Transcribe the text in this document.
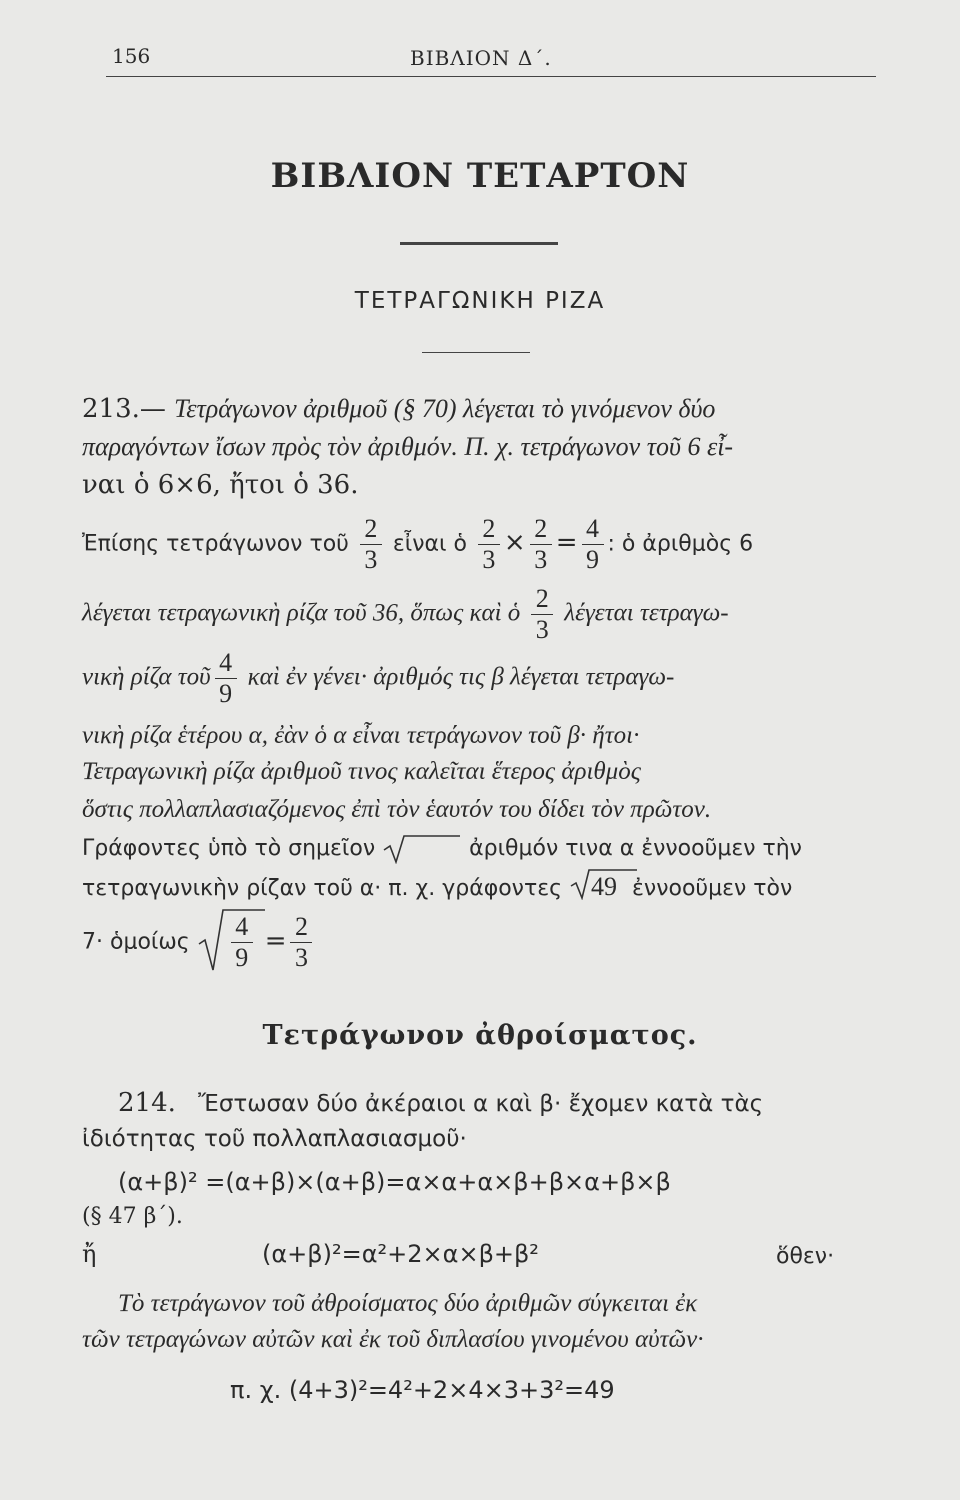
156	ΒΙΒΛΙΟΝ Δ΄.
ΒΙΒΛΙΟΝ ΤΕΤΑΡΤΟΝ
ΤΕΤΡΑΓΩΝΙΚΗ ΡΙΖΑ
213.— Τετράγωνον ἀριθμοῦ (§ 70) λέγεται τὸ γινόμενον δύο
παραγόντων ἴσων πρὸς τὸν ἀριθμόν. Π. χ. τετράγωνον τοῦ 6 εἶ-
ναι ὁ 6×6, ἤτοι ὁ 36.
Ἐπίσης τετράγωνον τοῦ $\frac{2}{3}$ εἶναι ὁ $\frac{2}{3} \times \frac{2}{3} = \frac{4}{9}$ : ὁ ἀριθμὸς 6
λέγεται τετραγωνικὴ ρίζα τοῦ 36, ὅπως καὶ ὁ $\frac{2}{3}$ λέγεται τετραγω-
νικὴ ρίζα τοῦ $\frac{4}{9}$ καὶ ἐν γένει· ἀριθμός τις β λέγεται τετραγω-
νικὴ ρίζα ἑτέρου α, ἐὰν ὁ α εἶναι τετράγωνον τοῦ β· ἤτοι·
Τετραγωνικὴ ρίζα ἀριθμοῦ τινος καλεῖται ἕτερος ἀριθμὸς
ὅστις πολλαπλασιαζόμενος ἐπὶ τὸν ἑαυτόν του δίδει τὸν πρῶτον.
Γράφοντες ὑπὸ τὸ σημεῖον	ἀριθμόν τινα α ἐννοοῦμεν τὴν
τετραγωνικὴν ρίζαν τοῦ α· π. χ. γράφοντες 49 ἐννοοῦμεν τὸν
7· ὁμοίως $\frac{4}{9} = \frac{2}{3}$
Τετράγωνον ἀθροίσματος.
214. Ἔστωσαν δύο ἀκέραιοι α καὶ β· ἔχομεν κατὰ τὰς
ἰδιότητας τοῦ πολλαπλασιασμοῦ·
(α+β)² =(α+β)×(α+β)=α×α+α×β+β×α+β×β
(§ 47 β΄).
ἤ	(α+β)²=α²+2×α×β+β²	ὅθεν·
Τὸ τετράγωνον τοῦ ἀθροίσματος δύο ἀριθμῶν σύγκειται ἐκ
τῶν τετραγώνων αὐτῶν καὶ ἐκ τοῦ διπλασίου γινομένου αὐτῶν·
π. χ. (4+3)²=4²+2×4×3+3²=49
